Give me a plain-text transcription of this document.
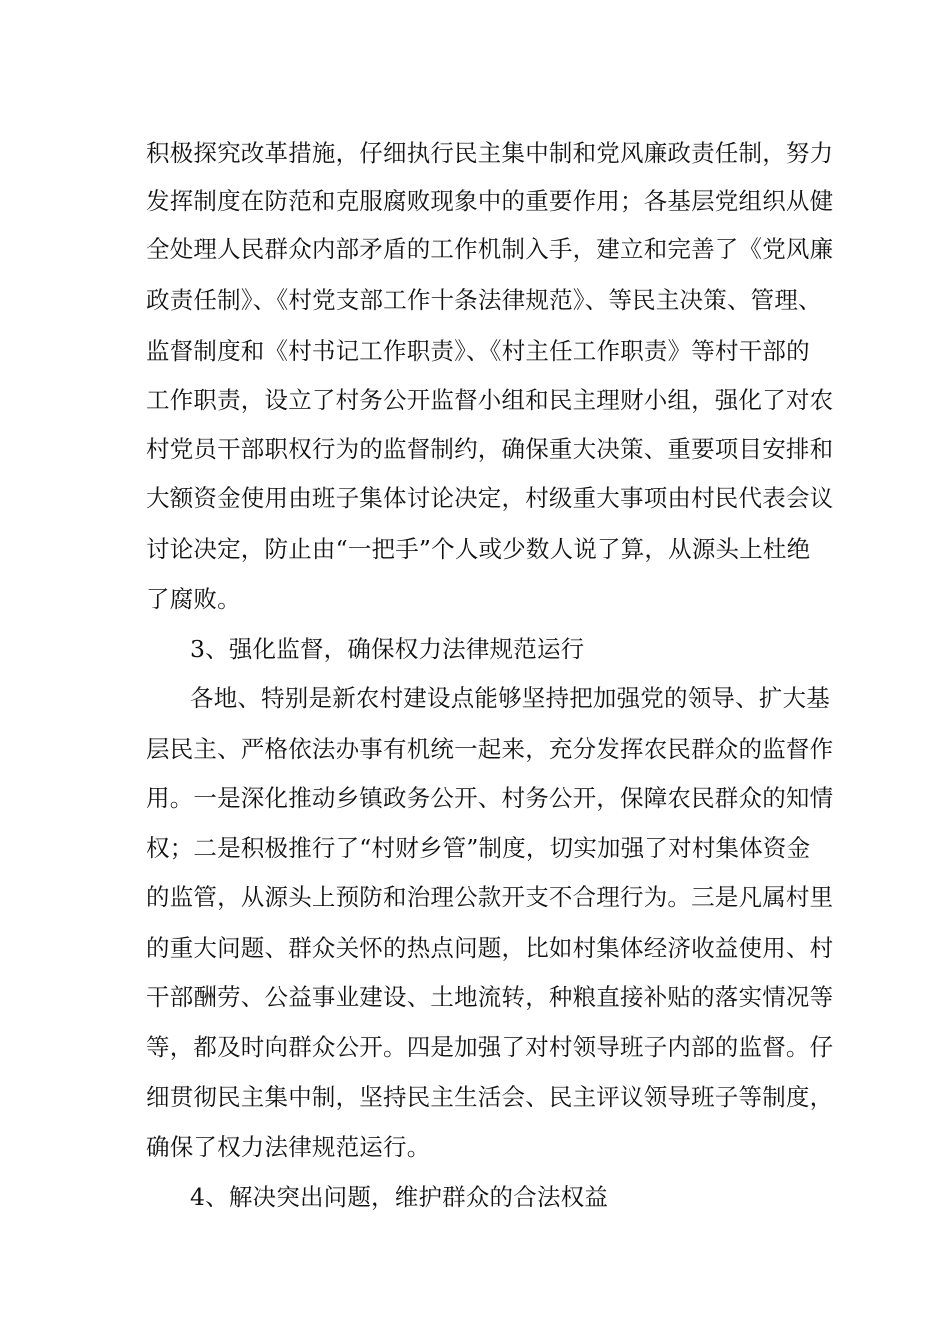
积极探究改革措施，仔细执行民主集中制和党风廉政责任制，努力
发挥制度在防范和克服腐败现象中的重要作用；各基层党组织从健
全处理人民群众内部矛盾的工作机制入手，建立和完善了《党风廉
政责任制》、《村党支部工作十条法律规范》、等民主决策、管理、
监督制度和《村书记工作职责》、《村主任工作职责》等村干部的
工作职责，设立了村务公开监督小组和民主理财小组，强化了对农
村党员干部职权行为的监督制约，确保重大决策、重要项目安排和
大额资金使用由班子集体讨论决定，村级重大事项由村民代表会议
讨论决定，防止由“一把手”个人或少数人说了算，从源头上杜绝
了腐败。
3、强化监督，确保权力法律规范运行
各地、特别是新农村建设点能够坚持把加强党的领导、扩大基
层民主、严格依法办事有机统一起来，充分发挥农民群众的监督作
用。一是深化推动乡镇政务公开、村务公开，保障农民群众的知情
权；二是积极推行了“村财乡管”制度，切实加强了对村集体资金
的监管，从源头上预防和治理公款开支不合理行为。三是凡属村里
的重大问题、群众关怀的热点问题，比如村集体经济收益使用、村
干部酬劳、公益事业建设、土地流转，种粮直接补贴的落实情况等
等，都及时向群众公开。四是加强了对村领导班子内部的监督。仔
细贯彻民主集中制，坚持民主生活会、民主评议领导班子等制度，
确保了权力法律规范运行。
4、解决突出问题，维护群众的合法权益
